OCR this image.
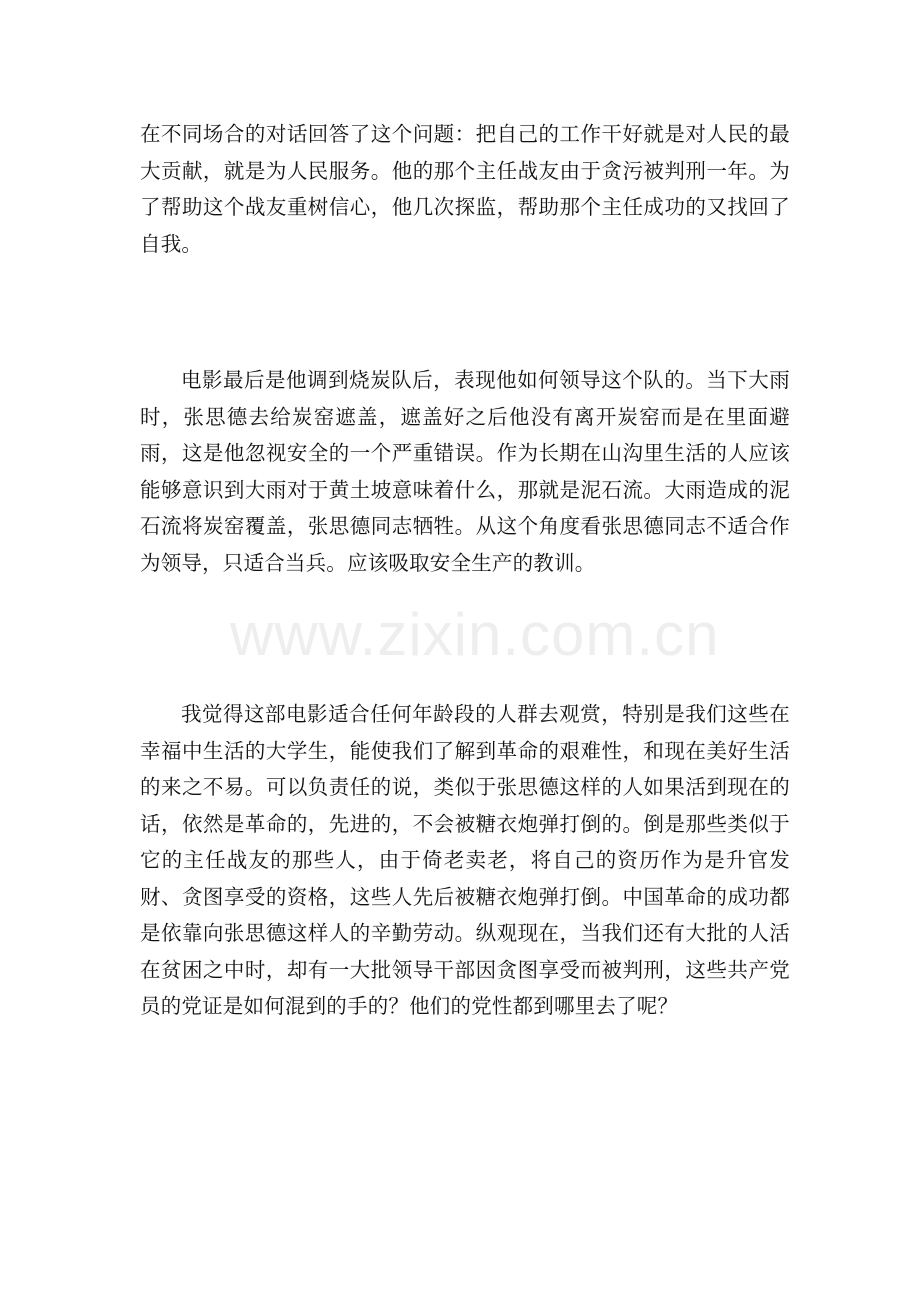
在不同场合的对话回答了这个问题：把自己的工作干好就是对人民的最大贡献，就是为人民服务。他的那个主任战友由于贪污被判刑一年。为了帮助这个战友重树信心，他几次探监，帮助那个主任成功的又找回了自我。

电影最后是他调到烧炭队后，表现他如何领导这个队的。当下大雨时，张思德去给炭窑遮盖，遮盖好之后他没有离开炭窑而是在里面避雨，这是他忽视安全的一个严重错误。作为长期在山沟里生活的人应该能够意识到大雨对于黄土坡意味着什么，那就是泥石流。大雨造成的泥石流将炭窑覆盖，张思德同志牺牲。从这个角度看张思德同志不适合作为领导，只适合当兵。应该吸取安全生产的教训。

我觉得这部电影适合任何年龄段的人群去观赏，特别是我们这些在幸福中生活的大学生，能使我们了解到革命的艰难性，和现在美好生活的来之不易。可以负责任的说，类似于张思德这样的人如果活到现在的话，依然是革命的，先进的，不会被糖衣炮弹打倒的。倒是那些类似于它的主任战友的那些人，由于倚老卖老，将自己的资历作为是升官发财、贪图享受的资格，这些人先后被糖衣炮弹打倒。中国革命的成功都是依靠向张思德这样人的辛勤劳动。纵观现在，当我们还有大批的人活在贫困之中时，却有一大批领导干部因贪图享受而被判刑，这些共产党员的党证是如何混到的手的？他们的党性都到哪里去了呢？

www.zixin.com.cn
